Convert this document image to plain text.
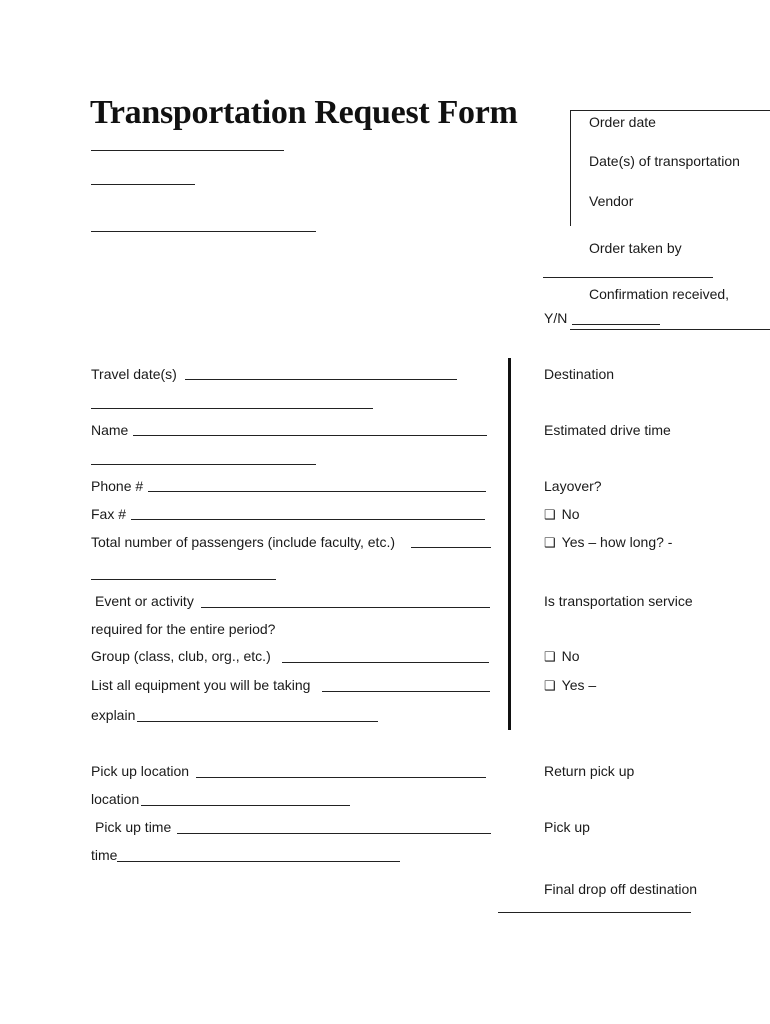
Transportation Request Form	Order date
Date(s) of transportation
Vendor
Order taken by
Confirmation received,
Y/N
Travel date(s)
Name
Phone #
Fax #
Total number of passengers (include faculty, etc.)
Event or activity
required for the entire period?
Group (class, club, org., etc.)
List all equipment you will be taking
explain
Pick up location
location
Pick up time
time
Destination
Estimated drive time
Layover?
❑ No
❑ Yes – how long? -
Is transportation service
❑ No
❑ Yes –
Return pick up
Pick up
Final drop off destination
